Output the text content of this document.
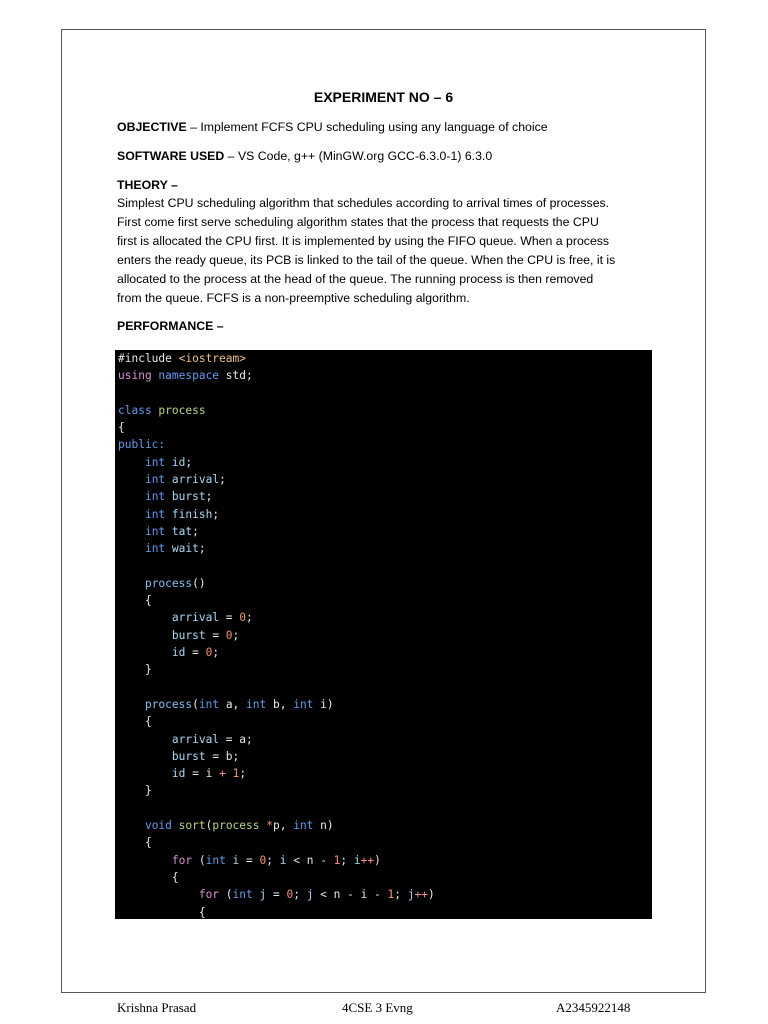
EXPERIMENT NO – 6
OBJECTIVE – Implement FCFS CPU scheduling using any language of choice
SOFTWARE USED – VS Code, g++ (MinGW.org GCC-6.3.0-1) 6.3.0
THEORY –
Simplest CPU scheduling algorithm that schedules according to arrival times of processes.
First come first serve scheduling algorithm states that the process that requests the CPU
first is allocated the CPU first. It is implemented by using the FIFO queue. When a process
enters the ready queue, its PCB is linked to the tail of the queue. When the CPU is free, it is
allocated to the process at the head of the queue. The running process is then removed
from the queue. FCFS is a non-preemptive scheduling algorithm.
PERFORMANCE –
#include <iostream>
using namespace std;

class process
{
public:
int id;
int arrival;
int burst;
int finish;
int tat;
int wait;

process()
{
arrival = 0;
burst = 0;
id = 0;
}

process(int a, int b, int i)
{
arrival = a;
burst = b;
id = i + 1;
}

void sort(process *p, int n)
{
for (int i = 0; i < n - 1; i++)
{
for (int j = 0; j < n - i - 1; j++)
{
Krishna Prasad	4CSE 3 Evng	A2345922148
